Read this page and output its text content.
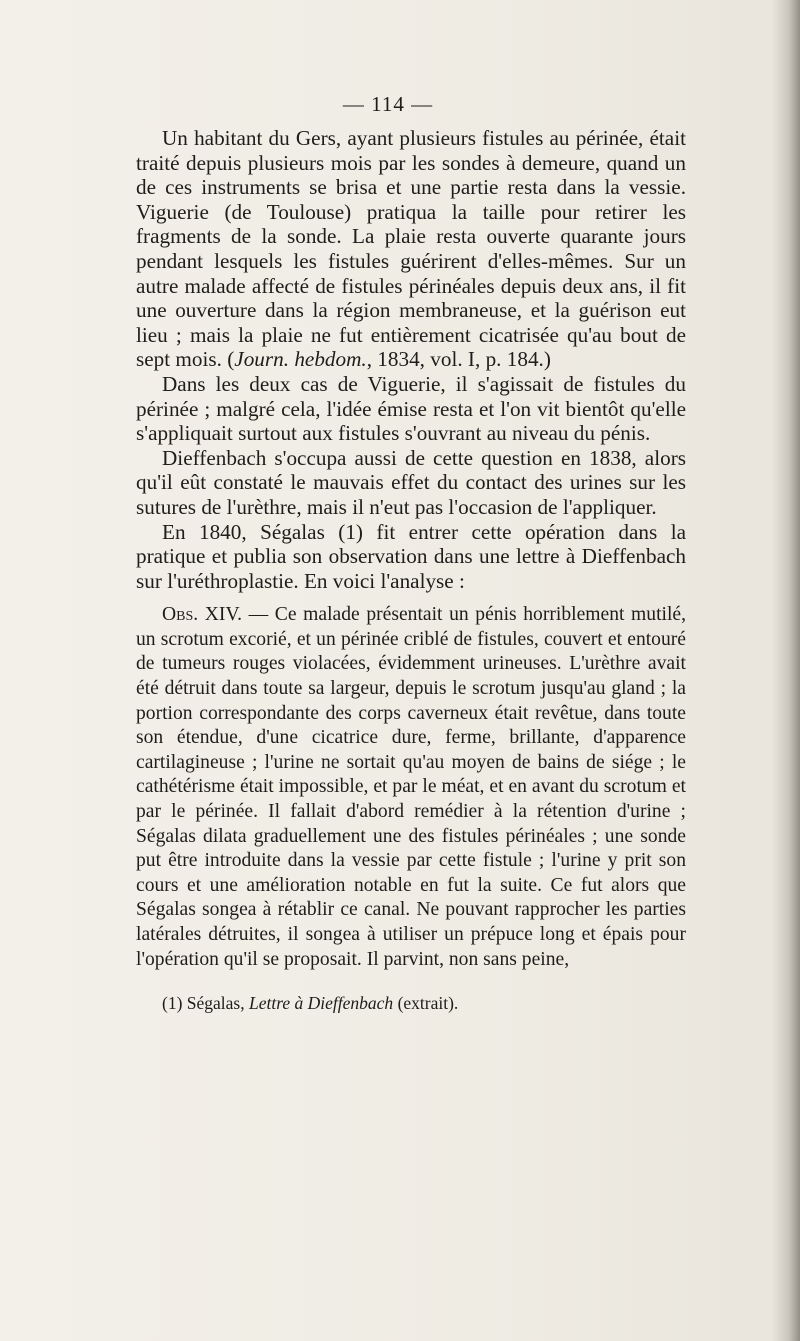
— 114 —

Un habitant du Gers, ayant plusieurs fistules au périnée, était traité depuis plusieurs mois par les sondes à demeure, quand un de ces instruments se brisa et une partie resta dans la vessie. Viguerie (de Toulouse) pratiqua la taille pour retirer les fragments de la sonde. La plaie resta ouverte quarante jours pendant lesquels les fistules guérirent d'elles-mêmes. Sur un autre malade affecté de fistules périnéales depuis deux ans, il fit une ouverture dans la région membraneuse, et la guérison eut lieu ; mais la plaie ne fut entièrement cicatrisée qu'au bout de sept mois. (Journ. hebdom., 1834, vol. I, p. 184.)

Dans les deux cas de Viguerie, il s'agissait de fistules du périnée ; malgré cela, l'idée émise resta et l'on vit bientôt qu'elle s'appliquait surtout aux fistules s'ouvrant au niveau du pénis.

Dieffenbach s'occupa aussi de cette question en 1838, alors qu'il eût constaté le mauvais effet du contact des urines sur les sutures de l'urèthre, mais il n'eut pas l'occasion de l'appliquer.

En 1840, Ségalas (1) fit entrer cette opération dans la pratique et publia son observation dans une lettre à Dieffenbach sur l'uréthroplastie. En voici l'analyse :

Obs. XIV. — Ce malade présentait un pénis horriblement mutilé, un scrotum excorié, et un périnée criblé de fistules, couvert et entouré de tumeurs rouges violacées, évidemment urineuses. L'urèthre avait été détruit dans toute sa largeur, depuis le scrotum jusqu'au gland ; la portion correspondante des corps caverneux était revêtue, dans toute son étendue, d'une cicatrice dure, ferme, brillante, d'apparence cartilagineuse ; l'urine ne sortait qu'au moyen de bains de siége ; le cathétérisme était impossible, et par le méat, et en avant du scrotum et par le périnée. Il fallait d'abord remédier à la rétention d'urine ; Ségalas dilata graduellement une des fistules périnéales ; une sonde put être introduite dans la vessie par cette fistule ; l'urine y prit son cours et une amélioration notable en fut la suite. Ce fut alors que Ségalas songea à rétablir ce canal. Ne pouvant rapprocher les parties latérales détruites, il songea à utiliser un prépuce long et épais pour l'opération qu'il se proposait. Il parvint, non sans peine,

(1) Ségalas, Lettre à Dieffenbach (extrait).
